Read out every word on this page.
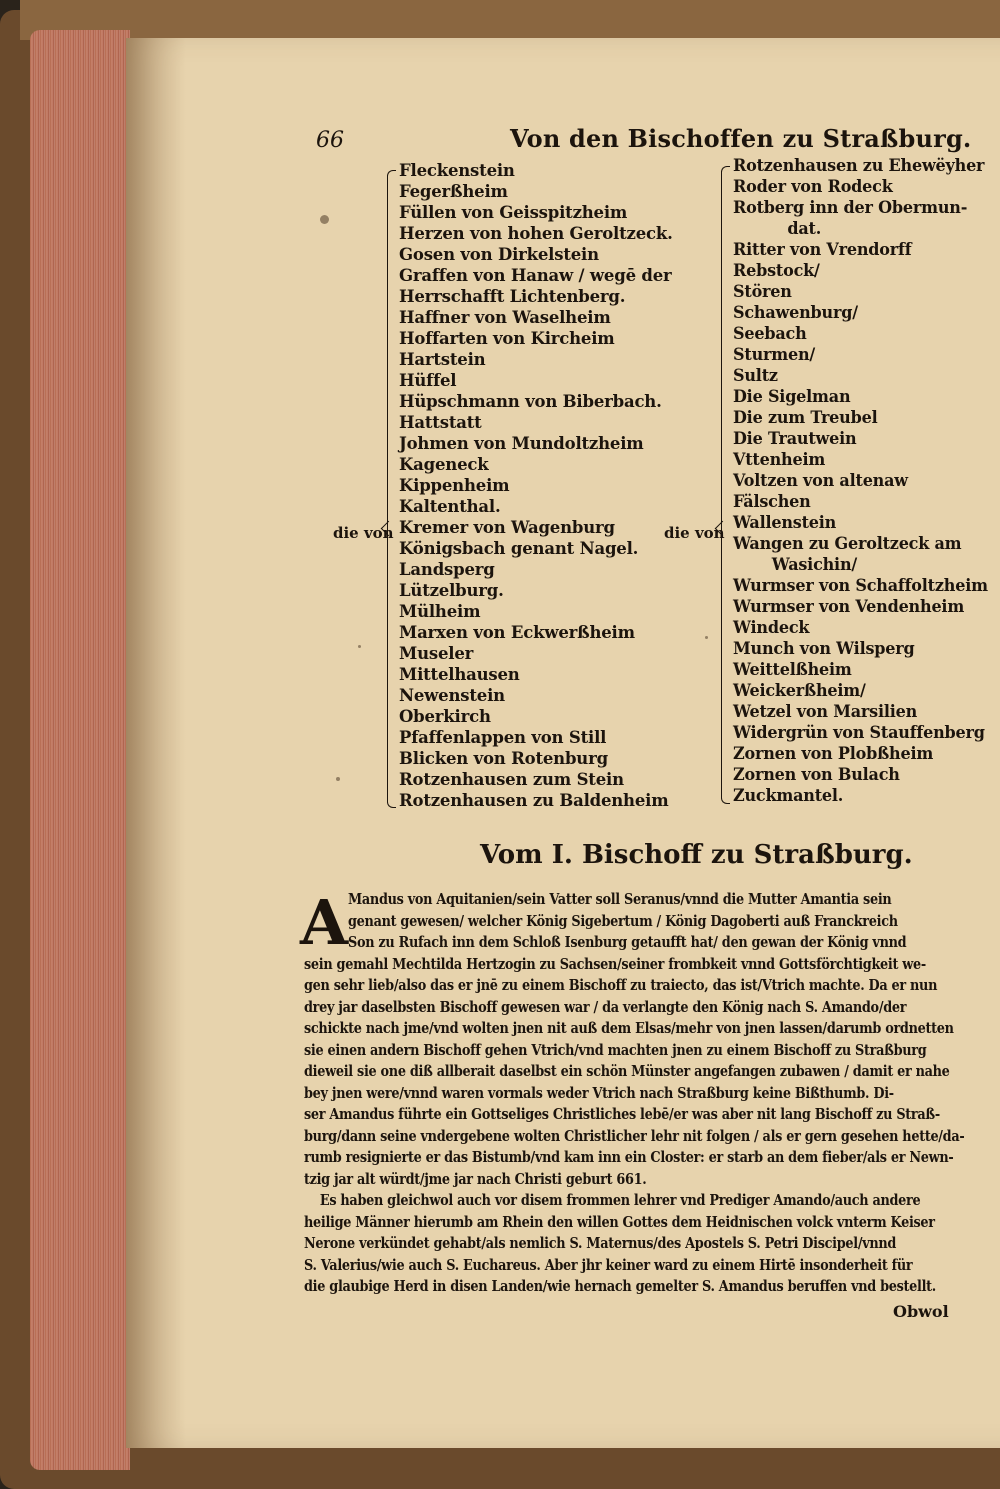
66	Von den Bischoffen zu Straßburg.
die von
Fleckenstein
Fegerßheim
Füllen von Geisspitzheim
Herzen von hohen Geroltzeck.
Gosen von Dirkelstein
Graffen von Hanaw / wegē der
Herrschafft Lichtenberg.
Haffner von Waselheim
Hoffarten von Kircheim
Hartstein
Hüffel
Hüpschmann von Biberbach.
Hattstatt
Johmen von Mundoltzheim
Kageneck
Kippenheim
Kaltenthal.
Kremer von Wagenburg
Königsbach genant Nagel.
Landsperg
Lützelburg.
Mülheim
Marxen von Eckwerßheim
Museler
Mittelhausen
Newenstein
Oberkirch
Pfaffenlappen von Still
Blicken von Rotenburg
Rotzenhausen zum Stein
Rotzenhausen zu Baldenheim
die von
Rotzenhausen zu Ehewëyher
Roder von Rodeck
Rotberg inn der Obermun-
dat.
Ritter von Vrendorff
Rebstock/
Stören
Schawenburg/
Seebach
Sturmen/
Sultz
Die Sigelman
Die zum Treubel
Die Trautwein
Vttenheim
Voltzen von altenaw
Fälschen
Wallenstein
Wangen zu Geroltzeck am
Wasichin/
Wurmser von Schaffoltzheim
Wurmser von Vendenheim
Windeck
Munch von Wilsperg
Weittelßheim
Weickerßheim/
Wetzel von Marsilien
Widergrün von Stauffenberg
Zornen von Plobßheim
Zornen von Bulach
Zuckmantel.
Vom I. Bischoff zu Straßburg.
A Mandus von Aquitanien/sein Vatter soll Seranus/vnnd die Mutter Amantia sein
genant gewesen/ welcher König Sigebertum / König Dagoberti auß Franckreich
Son zu Rufach inn dem Schloß Isenburg getaufft hat/ den gewan der König vnnd
sein gemahl Mechtilda Hertzogin zu Sachsen/seiner frombkeit vnnd Gottsförchtigkeit we-
gen sehr lieb/also das er jnē zu einem Bischoff zu traiecto, das ist/Vtrich machte. Da er nun
drey jar daselbsten Bischoff gewesen war / da verlangte den König nach S. Amando/der
schickte nach jme/vnd wolten jnen nit auß dem Elsas/mehr von jnen lassen/darumb ordnetten
sie einen andern Bischoff gehen Vtrich/vnd machten jnen zu einem Bischoff zu Straßburg
dieweil sie one diß allberait daselbst ein schön Münster angefangen zubawen / damit er nahe
bey jnen were/vnnd waren vormals weder Vtrich nach Straßburg keine Bißthumb. Di-
ser Amandus führte ein Gottseliges Christliches lebē/er was aber nit lang Bischoff zu Straß-
burg/dann seine vndergebene wolten Christlicher lehr nit folgen / als er gern gesehen hette/da-
rumb resignierte er das Bistumb/vnd kam inn ein Closter: er starb an dem fieber/als er Newn-
tzig jar alt würdt/jme jar nach Christi geburt 661.
Es haben gleichwol auch vor disem frommen lehrer vnd Prediger Amando/auch andere
heilige Männer hierumb am Rhein den willen Gottes dem Heidnischen volck vnterm Keiser
Nerone verkündet gehabt/als nemlich S. Maternus/des Apostels S. Petri Discipel/vnnd
S. Valerius/wie auch S. Euchareus. Aber jhr keiner ward zu einem Hirtē insonderheit für
die glaubige Herd in disen Landen/wie hernach gemelter S. Amandus beruffen vnd bestellt.
Obwol
